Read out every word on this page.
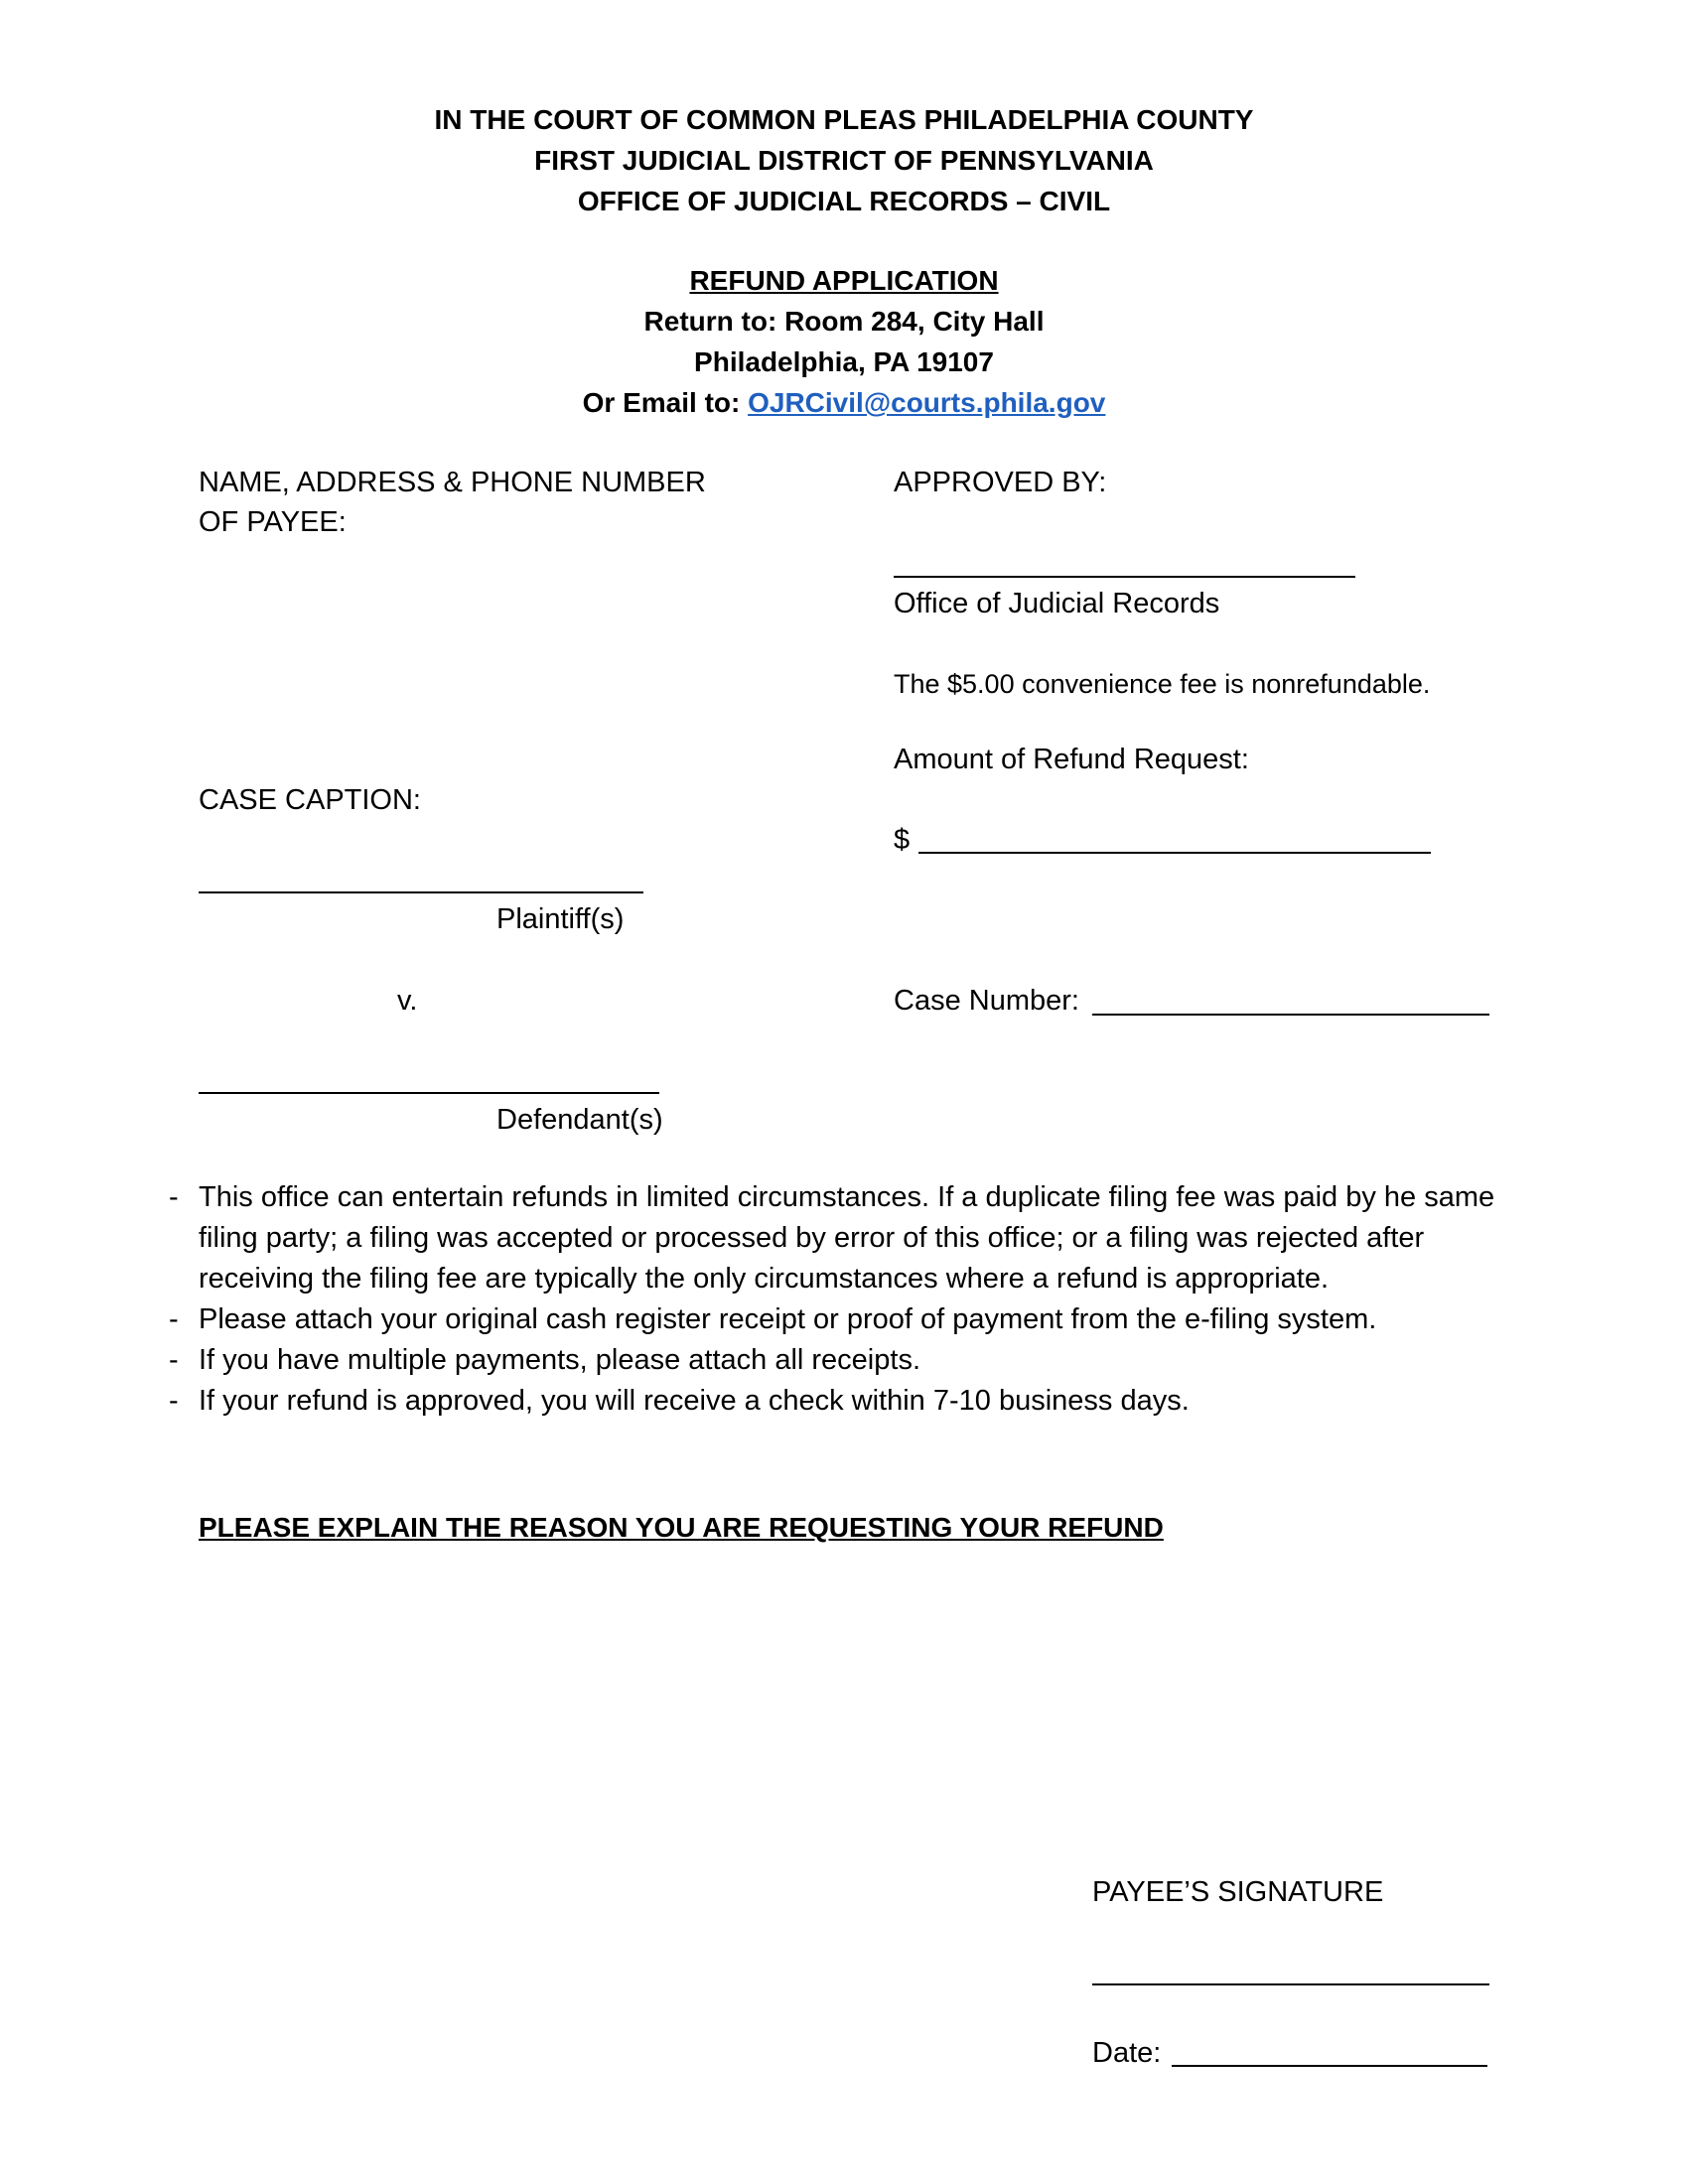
IN THE COURT OF COMMON PLEAS PHILADELPHIA COUNTY
FIRST JUDICIAL DISTRICT OF PENNSYLVANIA
OFFICE OF JUDICIAL RECORDS – CIVIL
REFUND APPLICATION
Return to: Room 284, City Hall
Philadelphia, PA 19107
Or Email to: OJRCivil@courts.phila.gov
NAME, ADDRESS & PHONE NUMBER
OF PAYEE:
CASE CAPTION:
Plaintiff(s)
v.
Defendant(s)
APPROVED BY:
Office of Judicial Records
The $5.00 convenience fee is nonrefundable.
Amount of Refund Request:
$
Case Number:
- This office can entertain refunds in limited circumstances. If a duplicate filing fee was paid by he same filing party; a filing was accepted or processed by error of this office; or a filing was rejected after receiving the filing fee are typically the only circumstances where a refund is appropriate.
- Please attach your original cash register receipt or proof of payment from the e-filing system.
- If you have multiple payments, please attach all receipts.
- If your refund is approved, you will receive a check within 7-10 business days.
PLEASE EXPLAIN THE REASON YOU ARE REQUESTING YOUR REFUND
PAYEE’S SIGNATURE
Date:
